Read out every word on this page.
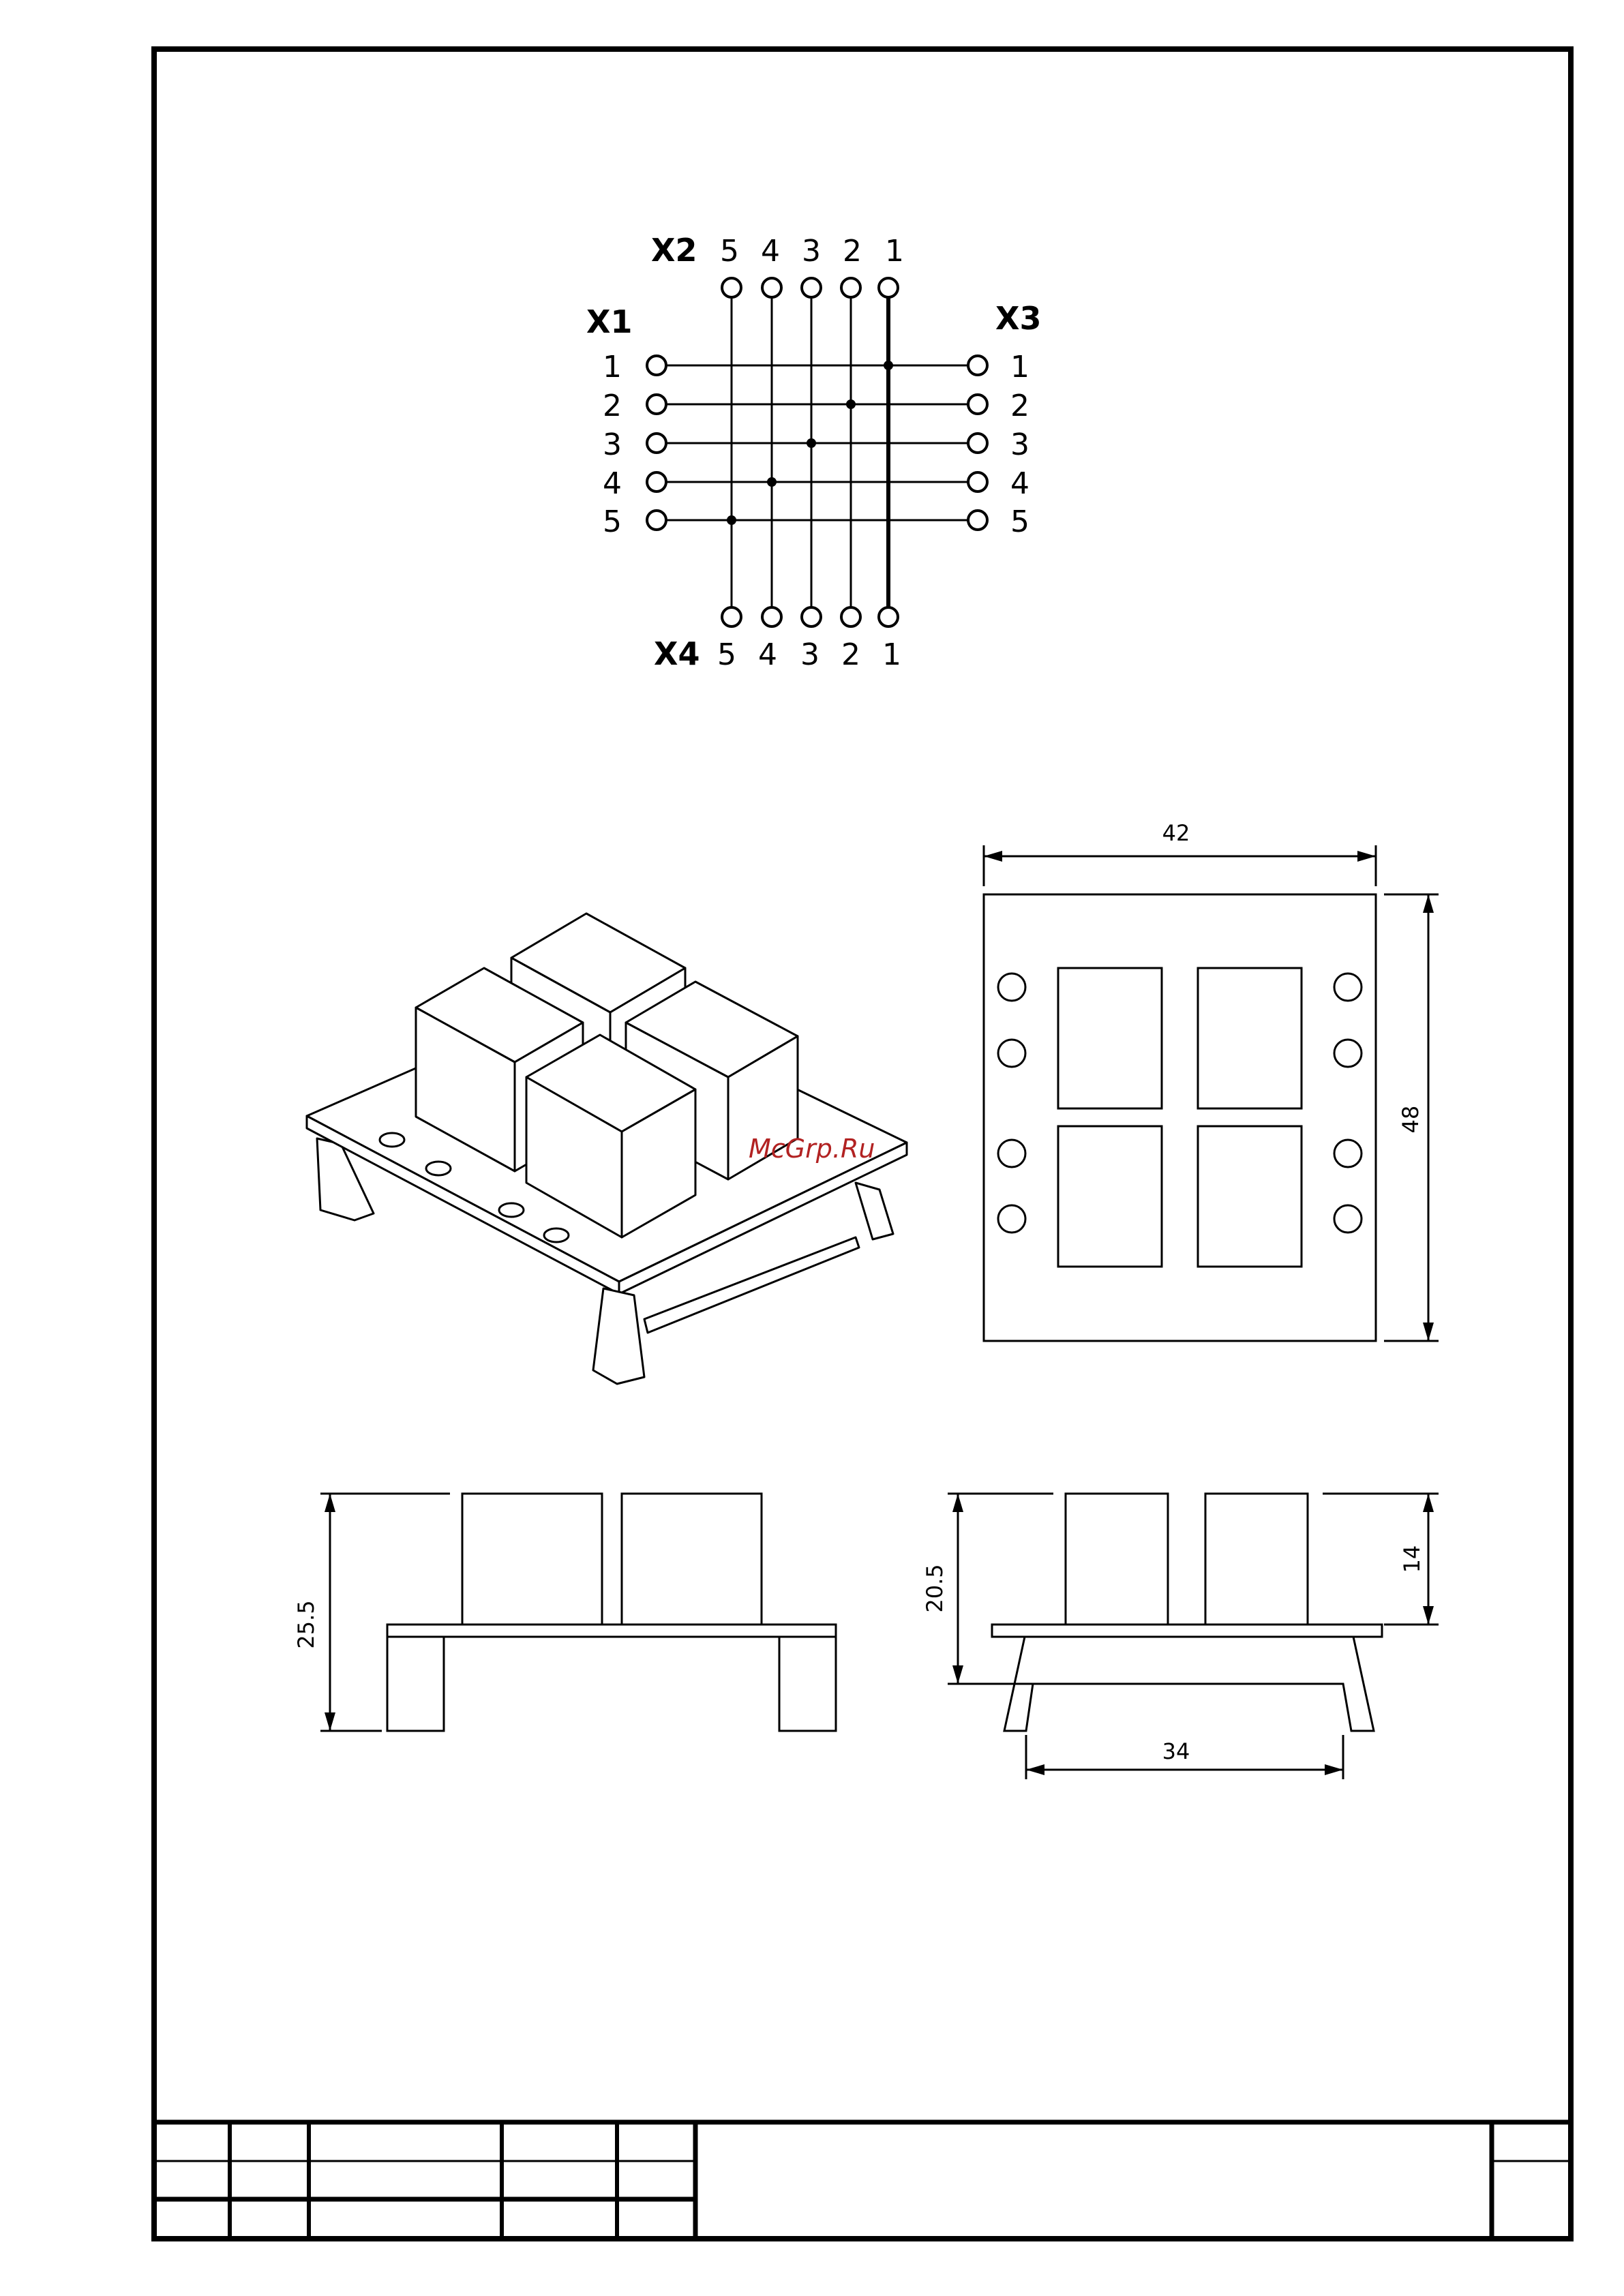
X2
X1	X3
X4
5 4 3 2 1
5 4 3 2 1
1
2
3
4
5
1
2
3
4
5
McGrp.Ru
42
48
25.5
20.5
14
34
